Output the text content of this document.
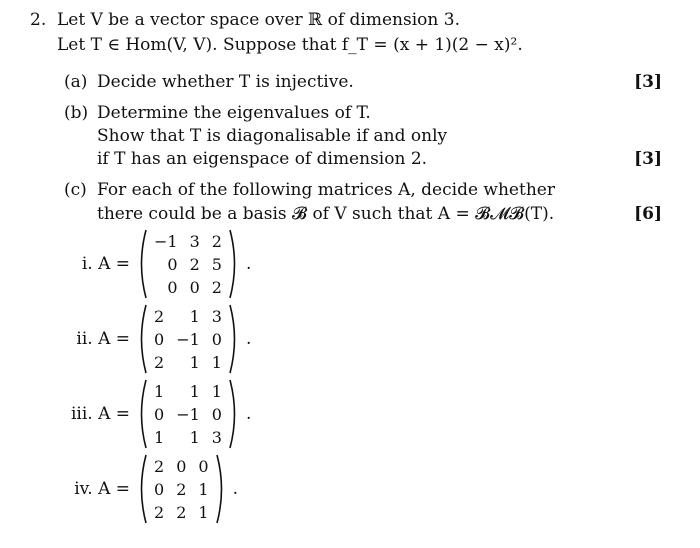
2. Let V be a vector space over ℝ of dimension 3.
Let T ∈ Hom(V, V). Suppose that f_T = (x + 1)(2 − x)².
(a) Decide whether T is injective.	[3]
(b) Determine the eigenvalues of T.
Show that T is diagonalisable if and only
if T has an eigenspace of dimension 2.	[3]
(c) For each of the following matrices A, decide whether
there could be a basis 𝓑 of V such that A = 𝓑𝓜𝓑(T).	[6]
i. A =
−1	3	2
0	2	5
0	0	2
.
ii. A =
2	1	3
0	−1	0
2	1	1
.
iii. A =
1	1	1
0	−1	0
1	1	3
.
iv. A =
2	0	0
0	2	1
2	2	1
.
